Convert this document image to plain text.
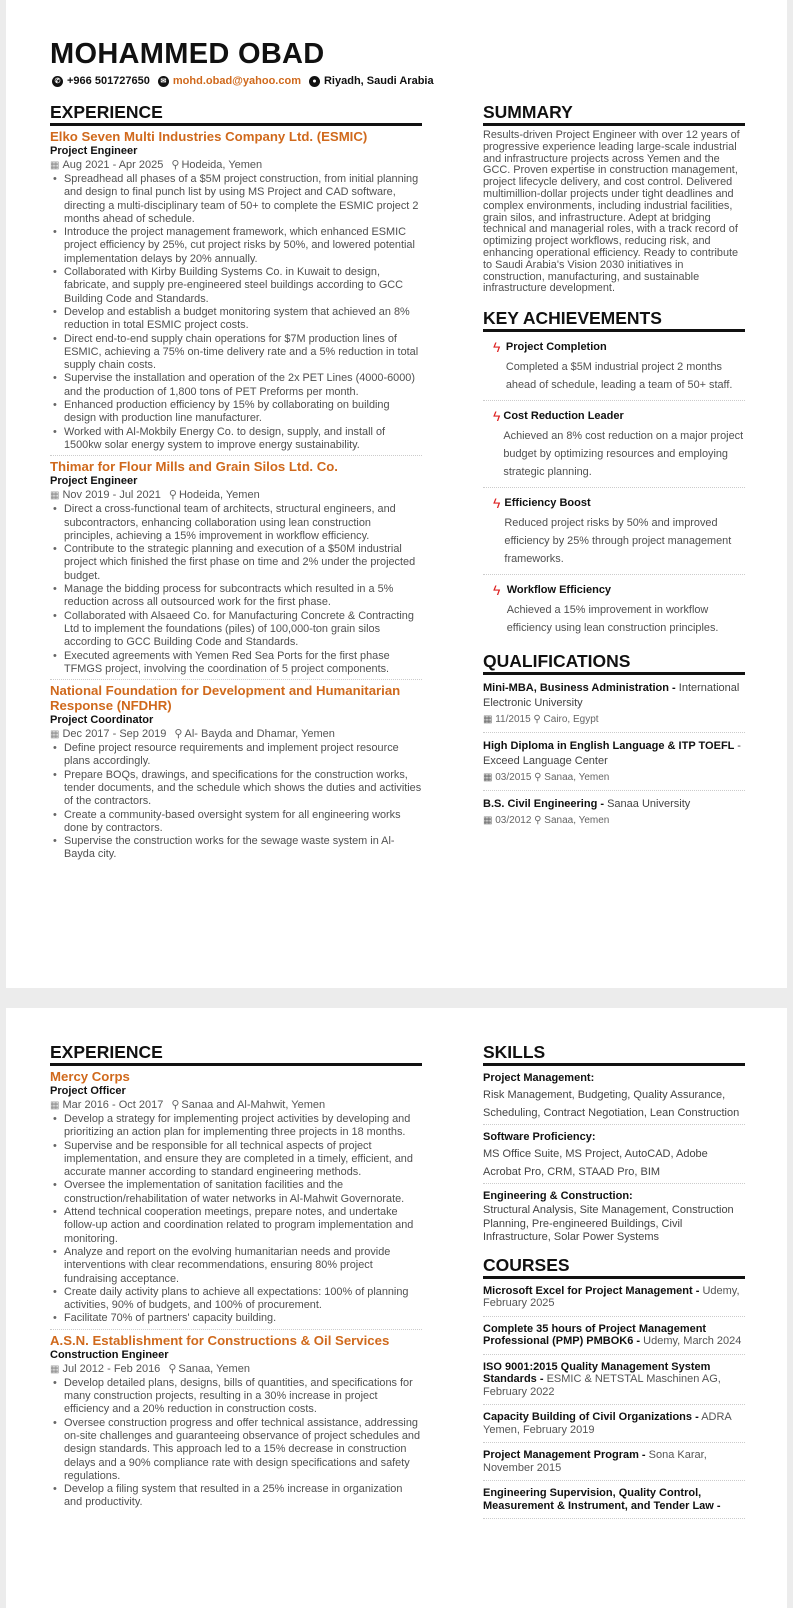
MOHAMMED OBAD
✆ +966 501727650	✉ mohd.obad@yahoo.com	● Riyadh, Saudi Arabia
EXPERIENCE
Elko Seven Multi Industries Company Ltd. (ESMIC)
Project Engineer
▦ Aug 2021 - Apr 2025 ⚲ Hodeida, Yemen
• Spreadhead all phases of a $5M project construction, from initial planning and design to final punch list by using MS Project and CAD software, directing a multi-disciplinary team of 50+ to complete the ESMIC project 2 months ahead of schedule.
• Introduce the project management framework, which enhanced ESMIC project efficiency by 25%, cut project risks by 50%, and lowered potential implementation delays by 20% annually.
• Collaborated with Kirby Building Systems Co. in Kuwait to design, fabricate, and supply pre-engineered steel buildings according to GCC Building Code and Standards.
• Develop and establish a budget monitoring system that achieved an 8% reduction in total ESMIC project costs.
• Direct end-to-end supply chain operations for $7M production lines of ESMIC, achieving a 75% on-time delivery rate and a 5% reduction in total supply chain costs.
• Supervise the installation and operation of the 2x PET Lines (4000-6000) and the production of 1,800 tons of PET Preforms per month.
• Enhanced production efficiency by 15% by collaborating on building design with production line manufacturer.
• Worked with Al-Mokbily Energy Co. to design, supply, and install of 1500kw solar energy system to improve energy sustainability.
Thimar for Flour Mills and Grain Silos Ltd. Co.
Project Engineer
▦ Nov 2019 - Jul 2021 ⚲ Hodeida, Yemen
• Direct a cross-functional team of architects, structural engineers, and subcontractors, enhancing collaboration using lean construction principles, achieving a 15% improvement in workflow efficiency.
• Contribute to the strategic planning and execution of a $50M industrial project which finished the first phase on time and 2% under the projected budget.
• Manage the bidding process for subcontracts which resulted in a 5% reduction across all outsourced work for the first phase.
• Collaborated with Alsaeed Co. for Manufacturing Concrete & Contracting Ltd to implement the foundations (piles) of 100,000-ton grain silos according to GCC Building Code and Standards.
• Executed agreements with Yemen Red Sea Ports for the first phase TFMGS project, involving the coordination of 5 project components.
National Foundation for Development and Humanitarian Response (NFDHR)
Project Coordinator
▦ Dec 2017 - Sep 2019 ⚲ Al- Bayda and Dhamar, Yemen
• Define project resource requirements and implement project resource plans accordingly.
• Prepare BOQs, drawings, and specifications for the construction works, tender documents, and the schedule which shows the duties and activities of the contractors.
• Create a community-based oversight system for all engineering works done by contractors.
• Supervise the construction works for the sewage waste system in Al-Bayda city.
SUMMARY
Results-driven Project Engineer with over 12 years of progressive experience leading large-scale industrial and infrastructure projects across Yemen and the GCC. Proven expertise in construction management, project lifecycle delivery, and cost control. Delivered multimillion-dollar projects under tight deadlines and complex environments, including industrial facilities, grain silos, and infrastructure. Adept at bridging technical and managerial roles, with a track record of optimizing project workflows, reducing risk, and enhancing operational efficiency. Ready to contribute to Saudi Arabia's Vision 2030 initiatives in construction, manufacturing, and sustainable infrastructure development.
KEY ACHIEVEMENTS
ϟ Project Completion
Completed a $5M industrial project 2 months ahead of schedule, leading a team of 50+ staff.
ϟ Cost Reduction Leader
Achieved an 8% cost reduction on a major project budget by optimizing resources and employing strategic planning.
ϟ Efficiency Boost
Reduced project risks by 50% and improved efficiency by 25% through project management frameworks.
ϟ Workflow Efficiency
Achieved a 15% improvement in workflow efficiency using lean construction principles.
QUALIFICATIONS
Mini-MBA, Business Administration - International Electronic University
▦ 11/2015 ⚲ Cairo, Egypt
High Diploma in English Language & ITP TOEFL - Exceed Language Center
▦ 03/2015 ⚲ Sanaa, Yemen
B.S. Civil Engineering - Sanaa University
▦ 03/2012 ⚲ Sanaa, Yemen
EXPERIENCE
Mercy Corps
Project Officer
▦ Mar 2016 - Oct 2017 ⚲ Sanaa and Al-Mahwit, Yemen
• Develop a strategy for implementing project activities by developing and prioritizing an action plan for implementing three projects in 18 months.
• Supervise and be responsible for all technical aspects of project implementation, and ensure they are completed in a timely, efficient, and accurate manner according to standard engineering methods.
• Oversee the implementation of sanitation facilities and the construction/rehabilitation of water networks in Al-Mahwit Governorate.
• Attend technical cooperation meetings, prepare notes, and undertake follow-up action and coordination related to program implementation and monitoring.
• Analyze and report on the evolving humanitarian needs and provide interventions with clear recommendations, ensuring 80% project fundraising acceptance.
• Create daily activity plans to achieve all expectations: 100% of planning activities, 90% of budgets, and 100% of procurement.
• Facilitate 70% of partners' capacity building.
A.S.N. Establishment for Constructions & Oil Services
Construction Engineer
▦ Jul 2012 - Feb 2016 ⚲ Sanaa, Yemen
• Develop detailed plans, designs, bills of quantities, and specifications for many construction projects, resulting in a 30% increase in project efficiency and a 20% reduction in construction costs.
• Oversee construction progress and offer technical assistance, addressing on-site challenges and guaranteeing observance of project schedules and design standards. This approach led to a 15% decrease in construction delays and a 90% compliance rate with design specifications and safety regulations.
• Develop a filing system that resulted in a 25% increase in organization and productivity.
SKILLS
Project Management:
Risk Management, Budgeting, Quality Assurance, Scheduling, Contract Negotiation, Lean Construction
Software Proficiency:
MS Office Suite, MS Project, AutoCAD, Adobe Acrobat Pro, CRM, STAAD Pro, BIM
Engineering & Construction:
Structural Analysis, Site Management, Construction Planning, Pre-engineered Buildings, Civil Infrastructure, Solar Power Systems
COURSES
Microsoft Excel for Project Management - Udemy, February 2025
Complete 35 hours of Project Management Professional (PMP) PMBOK6 - Udemy, March 2024
ISO 9001:2015 Quality Management System Standards - ESMIC & NETSTAL Maschinen AG, February 2022
Capacity Building of Civil Organizations - ADRA Yemen, February 2019
Project Management Program - Sona Karar, November 2015
Engineering Supervision, Quality Control, Measurement & Instrument, and Tender Law -
